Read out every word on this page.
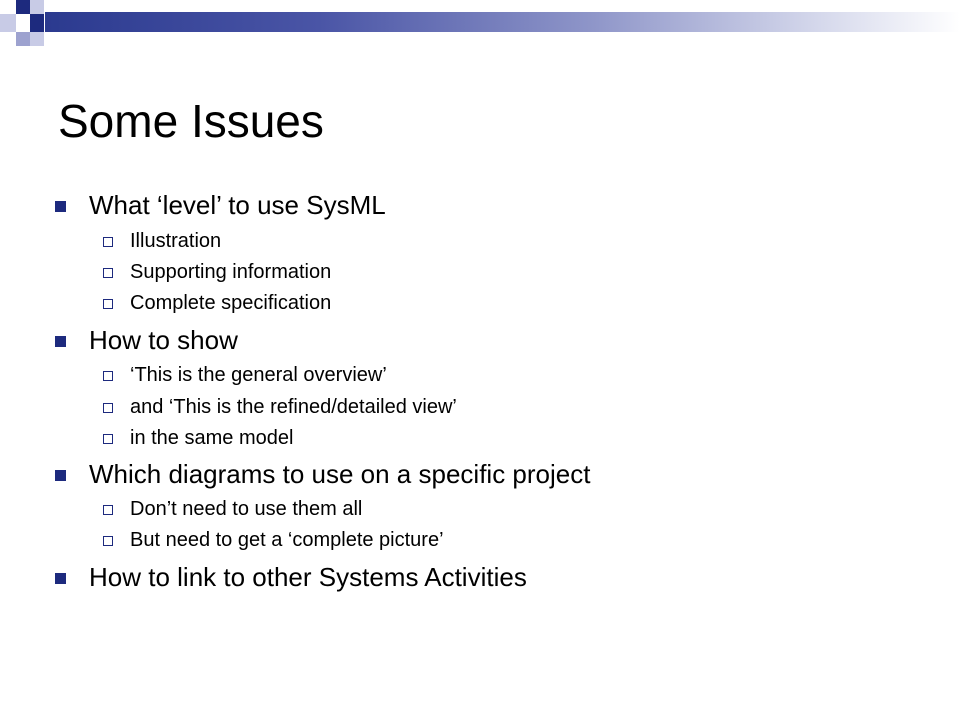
Some Issues
What ‘level’ to use SysML
Illustration
Supporting information
Complete specification
How to show
‘This is the general overview’
and ‘This is the refined/detailed view’
in the same model
Which diagrams to use on a specific project
Don’t need to use them all
But need to get a ‘complete picture’
How to link to other Systems Activities
